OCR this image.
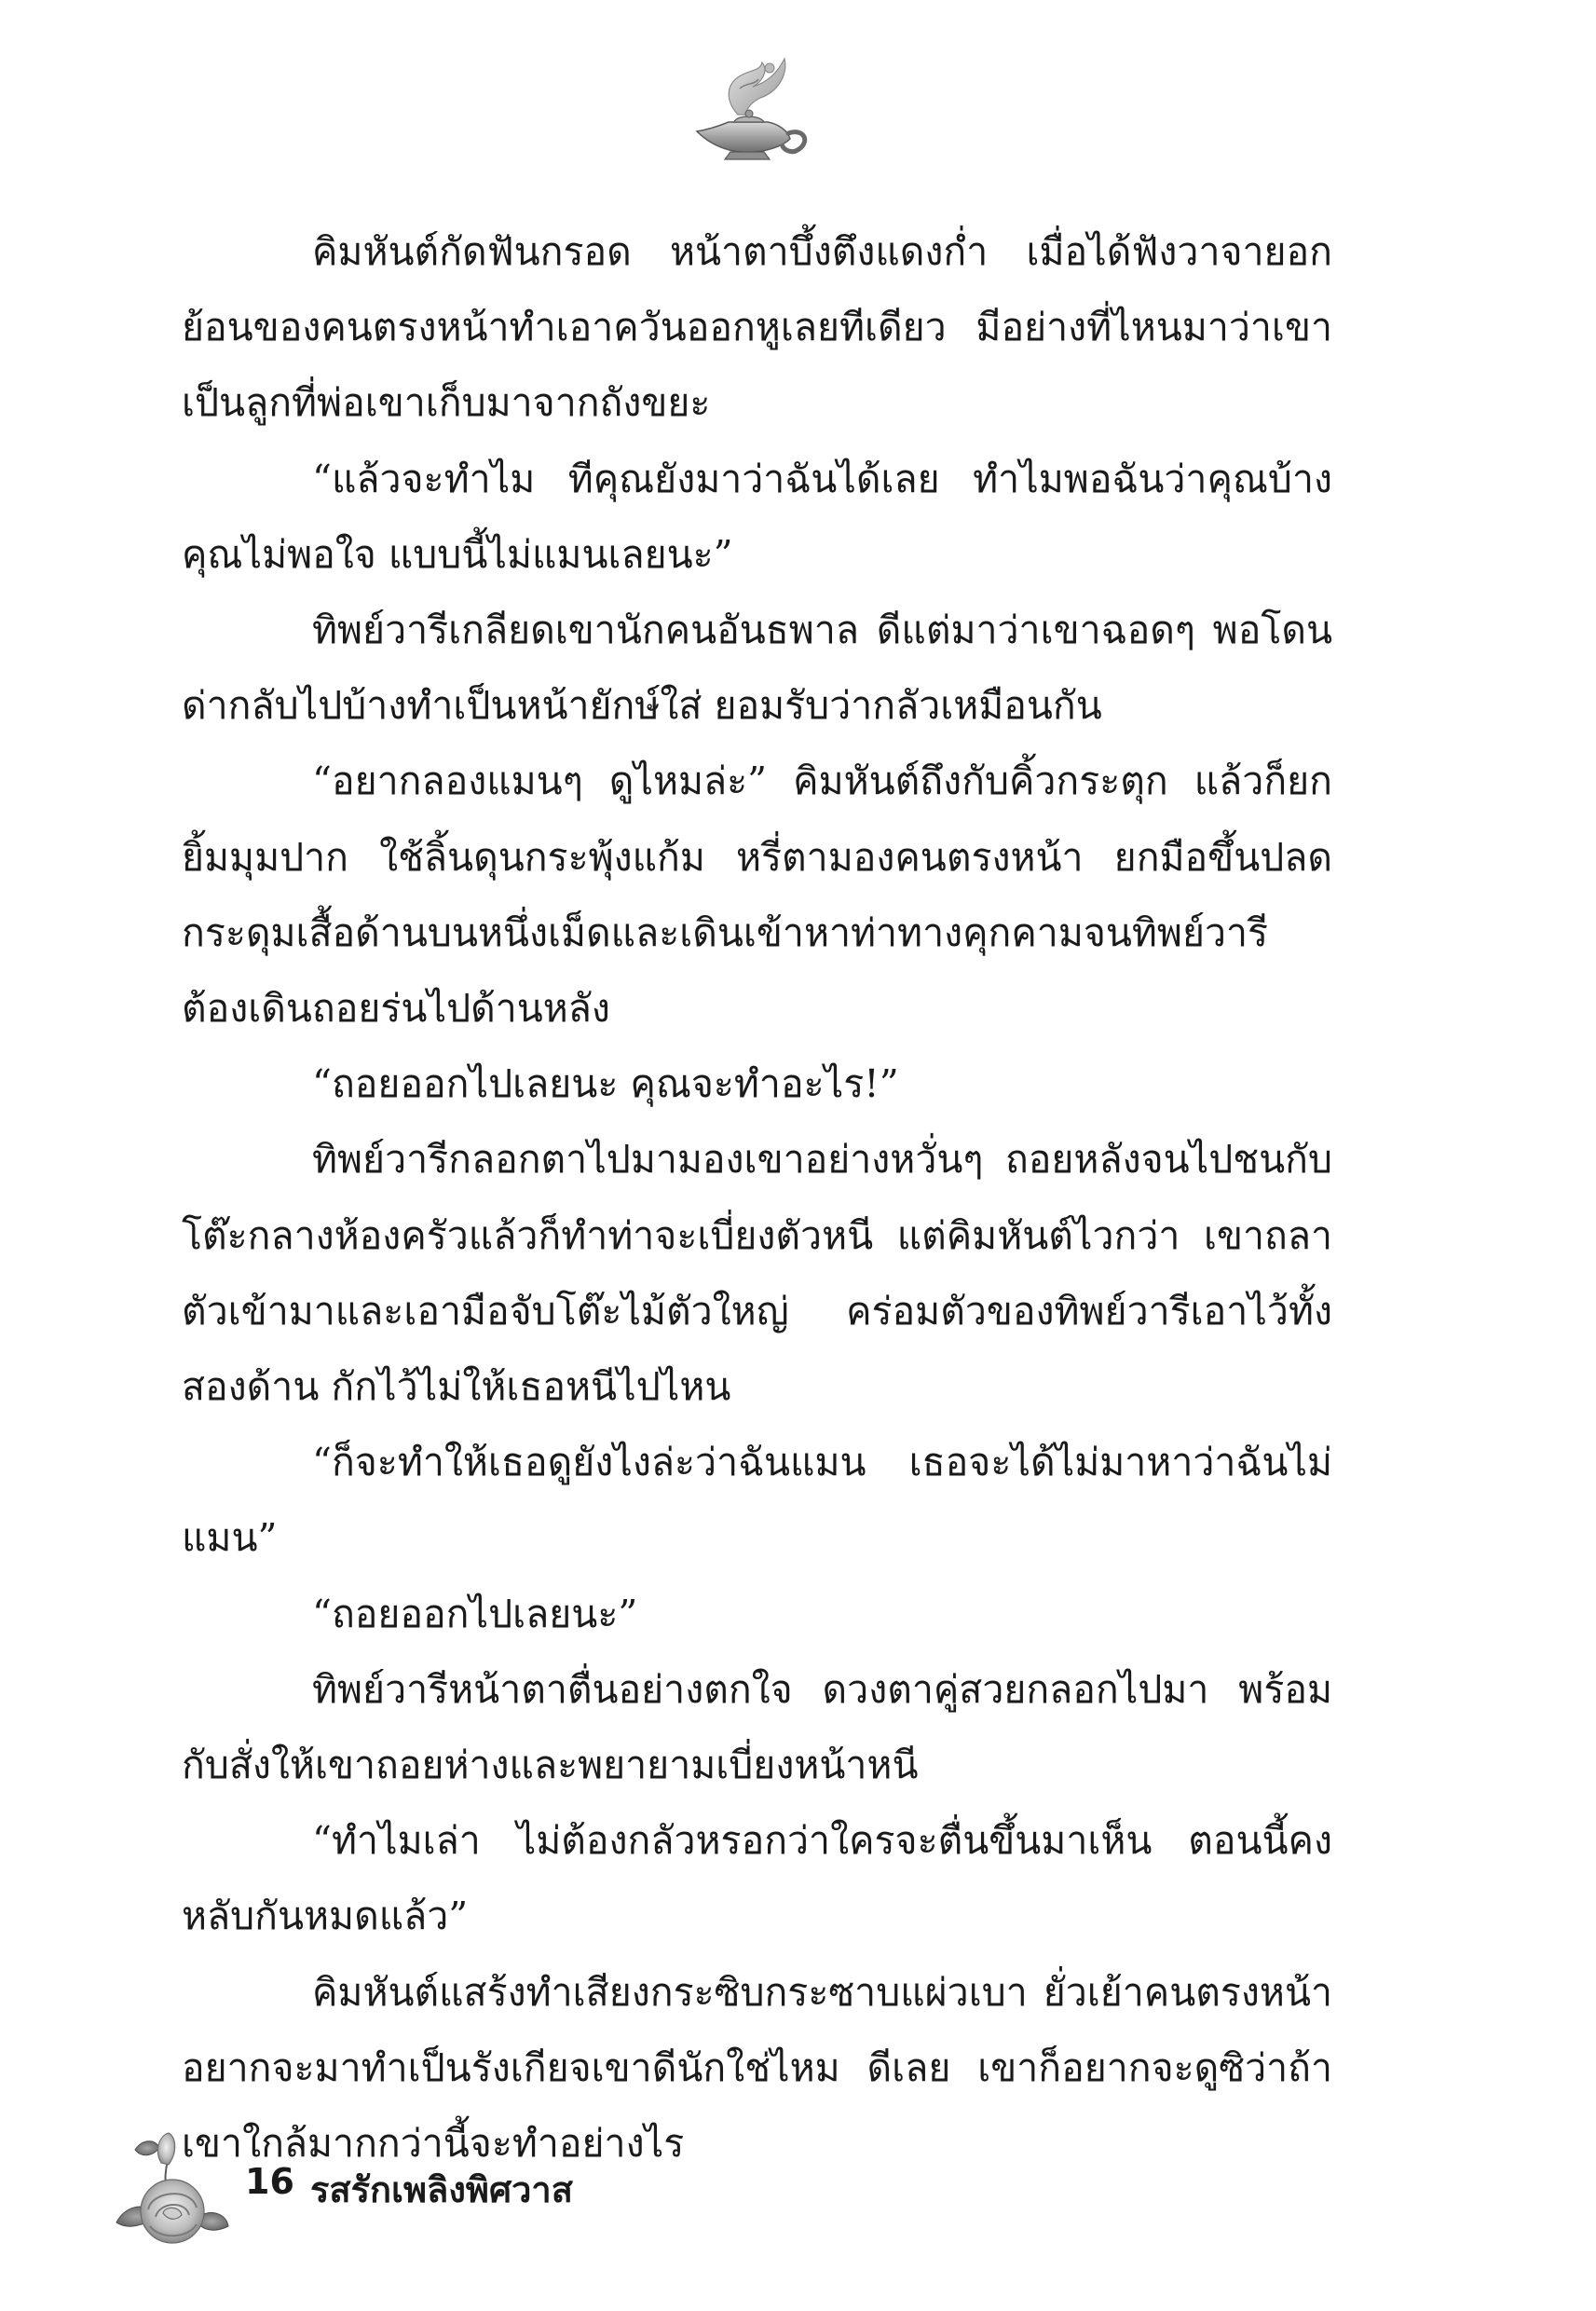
คิมหันต์กัดฟันกรอด หน้าตาบึ้งตึงแดงก่ำ เมื่อได้ฟังวาจายอกย้อนของคนตรงหน้าทำเอาควันออกหูเลยทีเดียว มีอย่างที่ไหนมาว่าเขาเป็นลูกที่พ่อเขาเก็บมาจากถังขยะ

“แล้วจะทำไม ทีคุณยังมาว่าฉันได้เลย ทำไมพอฉันว่าคุณบ้างคุณไม่พอใจ แบบนี้ไม่แมนเลยนะ”

ทิพย์วารีเกลียดเขานักคนอันธพาล ดีแต่มาว่าเขาฉอดๆ พอโดนด่ากลับไปบ้างทำเป็นหน้ายักษ์ใส่ ยอมรับว่ากลัวเหมือนกัน

“อยากลองแมนๆ ดูไหมล่ะ” คิมหันต์ถึงกับคิ้วกระตุก แล้วก็ยกยิ้มมุมปาก ใช้ลิ้นดุนกระพุ้งแก้ม หรี่ตามองคนตรงหน้า ยกมือขึ้นปลดกระดุมเสื้อด้านบนหนึ่งเม็ดและเดินเข้าหาท่าทางคุกคามจนทิพย์วารีต้องเดินถอยร่นไปด้านหลัง

“ถอยออกไปเลยนะ คุณจะทำอะไร!”

ทิพย์วารีกลอกตาไปมามองเขาอย่างหวั่นๆ ถอยหลังจนไปชนกับโต๊ะกลางห้องครัวแล้วก็ทำท่าจะเบี่ยงตัวหนี แต่คิมหันต์ไวกว่า เขาถลาตัวเข้ามาและเอามือจับโต๊ะไม้ตัวใหญ่ คร่อมตัวของทิพย์วารีเอาไว้ทั้งสองด้าน กักไว้ไม่ให้เธอหนีไปไหน

“ก็จะทำให้เธอดูยังไงล่ะว่าฉันแมน เธอจะได้ไม่มาหาว่าฉันไม่แมน”

“ถอยออกไปเลยนะ”

ทิพย์วารีหน้าตาตื่นอย่างตกใจ ดวงตาคู่สวยกลอกไปมา พร้อมกับสั่งให้เขาถอยห่างและพยายามเบี่ยงหน้าหนี

“ทำไมเล่า ไม่ต้องกลัวหรอกว่าใครจะตื่นขึ้นมาเห็น ตอนนี้คงหลับกันหมดแล้ว”

คิมหันต์แสร้งทำเสียงกระซิบกระซาบแผ่วเบา ยั่วเย้าคนตรงหน้าอยากจะมาทำเป็นรังเกียจเขาดีนักใช่ไหม ดีเลย เขาก็อยากจะดูซิว่าถ้าเขาใกล้มากกว่านี้จะทำอย่างไร

16 รสรักเพลิงพิศวาส
